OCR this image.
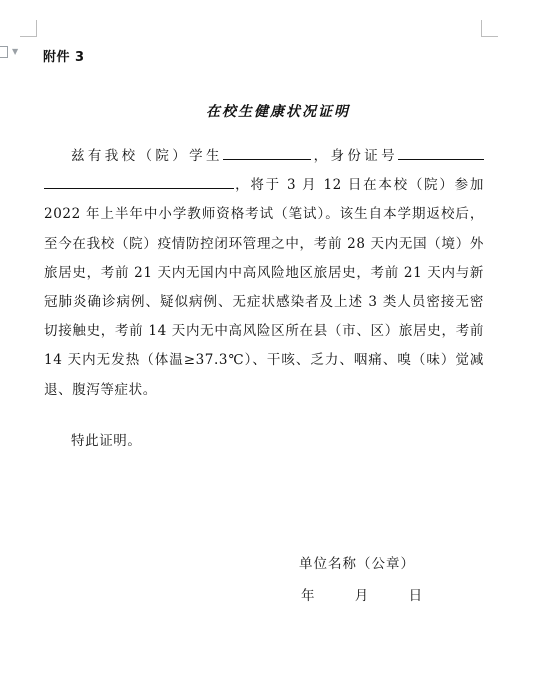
▼ 附件 3
在校生健康状况证明

兹有我校（院）学生	，身份证号，将于 3 月 12 日在本校（院）参加 2022 年上半年中小学教师资格考试（笔试）。该生自本学期返校后，至今在我校（院）疫情防控闭环管理之中，考前 28 天内无国（境）外旅居史，考前 21 天内无国内中高风险地区旅居史，考前 21 天内与新冠肺炎确诊病例、疑似病例、无症状感染者及上述 3 类人员密接无密切接触史，考前 14 天内无中高风险区所在县（市、区）旅居史，考前 14 天内无发热（体温≥37.3℃）、干咳、乏力、咽痛、嗅（味）觉减退、腹泻等症状。

特此证明。
单位名称（公章）
年	月	日
